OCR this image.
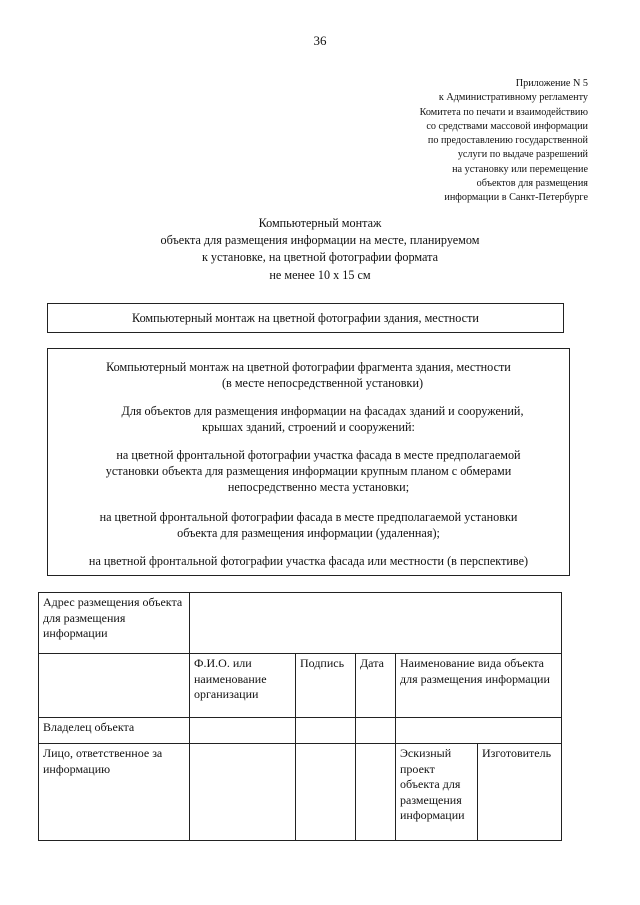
36
Приложение N 5
к Административному регламенту
Комитета по печати и взаимодействию
со средствами массовой информации
по предоставлению государственной
услуги по выдаче разрешений
на установку или перемещение
объектов для размещения
информации в Санкт-Петербурге
Компьютерный монтаж
объекта для размещения информации на месте, планируемом
к установке, на цветной фотографии формата
не менее 10 x 15 см
Компьютерный монтаж на цветной фотографии здания, местности

Компьютерный монтаж на цветной фотографии фрагмента здания, местности

(в месте непосредственной установки)

Для объектов для размещения информации на фасадах зданий и сооружений,

крышах зданий, строений и сооружений:

на цветной фронтальной фотографии участка фасада в месте предполагаемой

установки объекта для размещения информации крупным планом с обмерами

непосредственно места установки;

на цветной фронтальной фотографии фасада в месте предполагаемой установки

объекта для размещения информации (удаленная);

на цветной фронтальной фотографии участка фасада или местности (в перспективе)

Адрес размещения объекта для размещения информации					
	Ф.И.О. или наименование организации	Подпись	Дата	Наименование вида объекта для размещения информации	
Владелец объекта					
Лицо, ответственное за информацию				Эскизный проект объекта для размещения информации	Изготовитель
